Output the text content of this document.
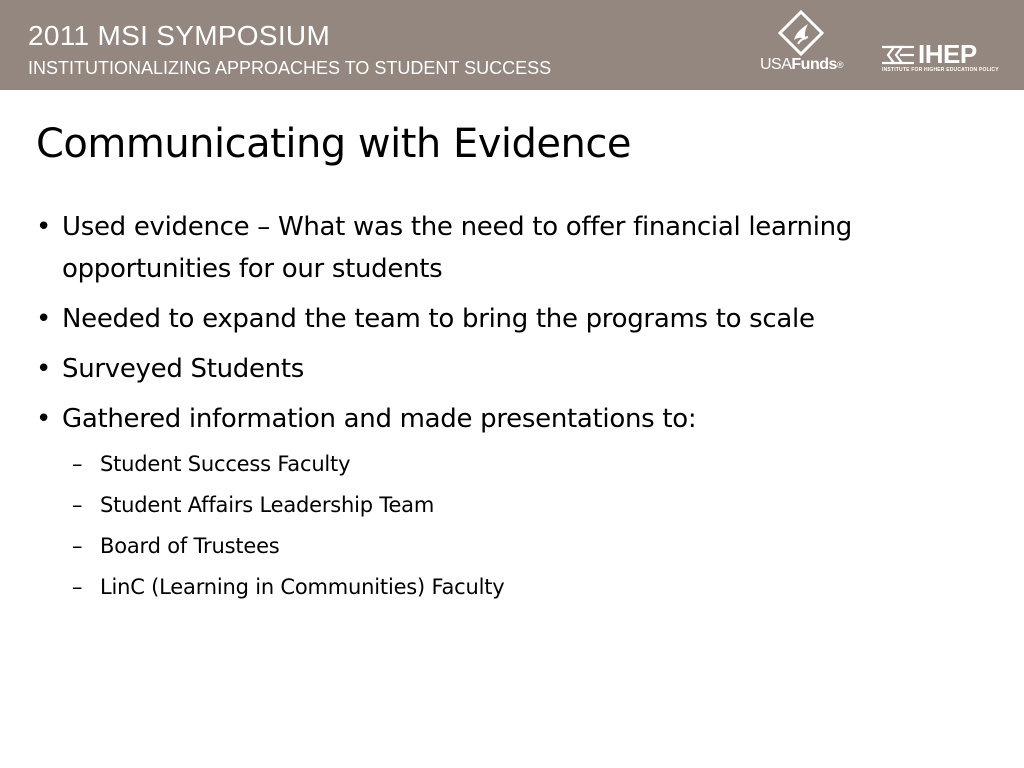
2011 MSI SYMPOSIUM
INSTITUTIONALIZING APPROACHES TO STUDENT SUCCESS	USAFunds®	IHEP
INSTITUTE FOR HIGHER EDUCATION POLICY
Communicating with Evidence
• Used evidence – What was the need to offer financial learning opportunities for our students
• Needed to expand the team to bring the programs to scale
• Surveyed Students
• Gathered information and made presentations to:
– Student Success Faculty
– Student Affairs Leadership Team
– Board of Trustees
– LinC (Learning in Communities) Faculty
